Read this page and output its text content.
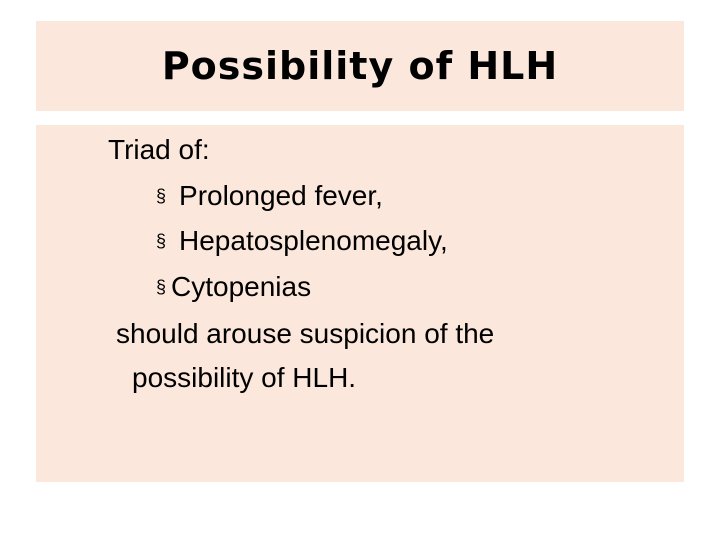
Possibility of HLH
Triad of:
§ Prolonged fever,
§ Hepatosplenomegaly,
§ Cytopenias
should arouse suspicion of the
possibility of HLH.
